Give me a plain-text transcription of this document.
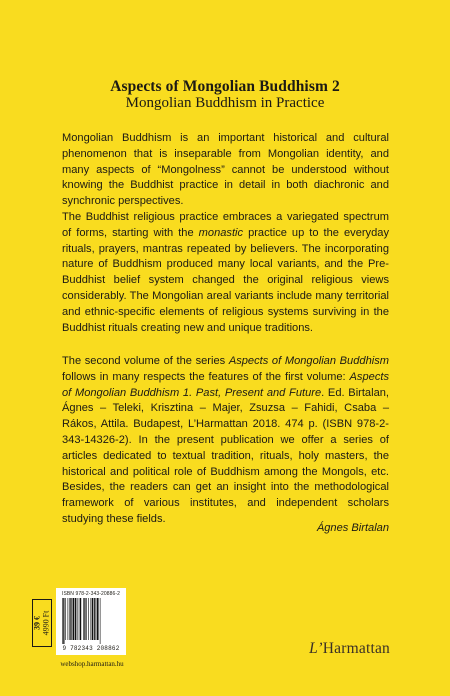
Aspects of Mongolian Buddhism 2
Mongolian Buddhism in Practice
Mongolian Buddhism is an important historical and cultural phenomenon that is inseparable from Mongolian identity, and many aspects of “Mongolness” cannot be understood without knowing the Buddhist practice in detail in both diachronic and synchronic perspectives.
The Buddhist religious practice embraces a variegated spectrum of forms, starting with the monastic practice up to the everyday rituals, prayers, mantras repeated by believers. The incorporating nature of Buddhism produced many local variants, and the Pre-Buddhist belief system changed the original religious views considerably. The Mongolian areal variants include many territorial and ethnic-specific elements of religious systems surviving in the Buddhist rituals creating new and unique traditions.
The second volume of the series Aspects of Mongolian Buddhism follows in many respects the features of the first volume: Aspects of Mongolian Buddhism 1. Past, Present and Future. Ed. Birtalan, Ágnes – Teleki, Krisztina – Majer, Zsuzsa – Fahidi, Csaba – Rákos, Attila. Budapest, L’Harmattan 2018. 474 p. (ISBN 978-2-343-14326-2). In the present publication we offer a series of articles dedicated to textual tradition, rituals, holy masters, the historical and political role of Buddhism among the Mongols, etc. Besides, the readers can get an insight into the methodological framework of various institutes, and independent scholars studying these fields.
Ágnes Birtalan
39 € 4990 Ft
ISBN 978-2-343-20886-2
9 782343 208862
webshop.harmattan.hu
L’Harmattan
